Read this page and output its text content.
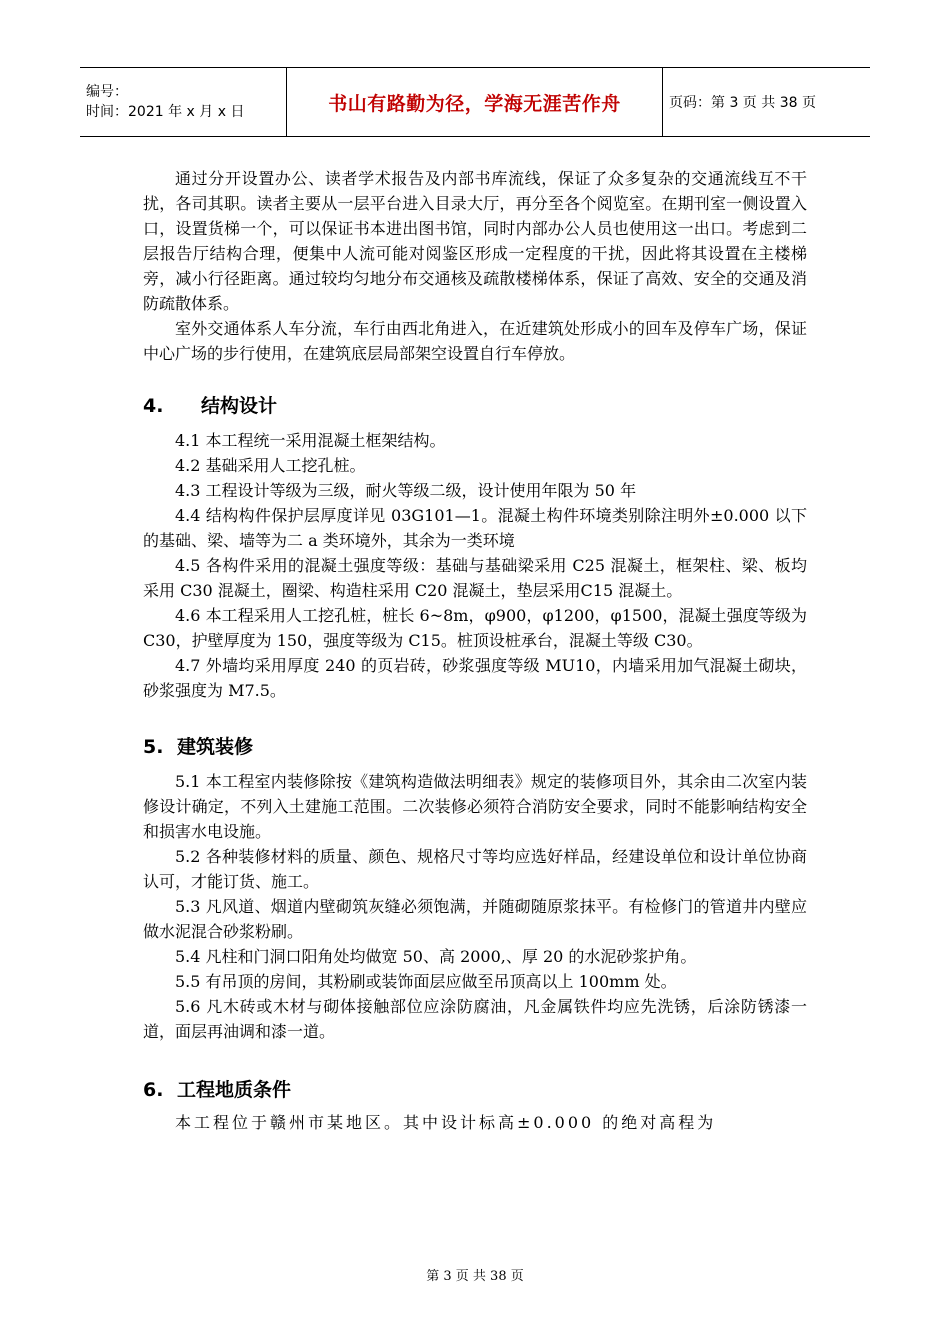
编号：
时间：2021 年 x 月 x 日	书山有路勤为径，学海无涯苦作舟	页码：第 3 页 共 38 页

通过分开设置办公、读者学术报告及内部书库流线，保证了众多复杂的交通流线互不干扰，各司其职。读者主要从一层平台进入目录大厅，再分至各个阅览室。在期刊室一侧设置入口，设置货梯一个，可以保证书本进出图书馆，同时内部办公人员也使用这一出口。考虑到二层报告厅结构合理，便集中人流可能对阅鉴区形成一定程度的干扰，因此将其设置在主楼梯旁，减小行径距离。通过较均匀地分布交通核及疏散楼梯体系，保证了高效、安全的交通及消防疏散体系。

室外交通体系人车分流，车行由西北角进入，在近建筑处形成小的回车及停车广场，保证中心广场的步行使用，在建筑底层局部架空设置自行车停放。

4. 结构设计

4.1 本工程统一采用混凝土框架结构。

4.2 基础采用人工挖孔桩。

4.3 工程设计等级为三级，耐火等级二级，设计使用年限为 50 年

4.4 结构构件保护层厚度详见 03G101—1。混凝土构件环境类别除注明外±0.000 以下的基础、梁、墙等为二 a 类环境外，其余为一类环境

4.5 各构件采用的混凝土强度等级：基础与基础梁采用 C25 混凝土，框架柱、梁、板均采用 C30 混凝土，圈梁、构造柱采用 C20 混凝土，垫层采用C15 混凝土。

4.6 本工程采用人工挖孔桩，桩长 6~8m，φ900，φ1200，φ1500，混凝土强度等级为 C30，护壁厚度为 150，强度等级为 C15。桩顶设桩承台，混凝土等级 C30。

4.7 外墙均采用厚度 240 的页岩砖，砂浆强度等级 MU10，内墙采用加气混凝土砌块，砂浆强度为 M7.5。

5. 建筑装修

5.1 本工程室内装修除按《建筑构造做法明细表》规定的装修项目外，其余由二次室内装修设计确定，不列入土建施工范围。二次装修必须符合消防安全要求，同时不能影响结构安全和损害水电设施。

5.2 各种装修材料的质量、颜色、规格尺寸等均应选好样品，经建设单位和设计单位协商认可，才能订货、施工。

5.3 凡风道、烟道内壁砌筑灰缝必须饱满，并随砌随原浆抹平。有检修门的管道井内壁应做水泥混合砂浆粉刷。

5.4 凡柱和门洞口阳角处均做宽 50、高 2000,、厚 20 的水泥砂浆护角。

5.5 有吊顶的房间，其粉刷或装饰面层应做至吊顶高以上 100mm 处。

5.6 凡木砖或木材与砌体接触部位应涂防腐油，凡金属铁件均应先洗锈，后涂防锈漆一道，面层再油调和漆一道。

6. 工程地质条件

本工程位于赣州市某地区。其中设计标高±0.000 的绝对高程为

第 3 页 共 38 页
